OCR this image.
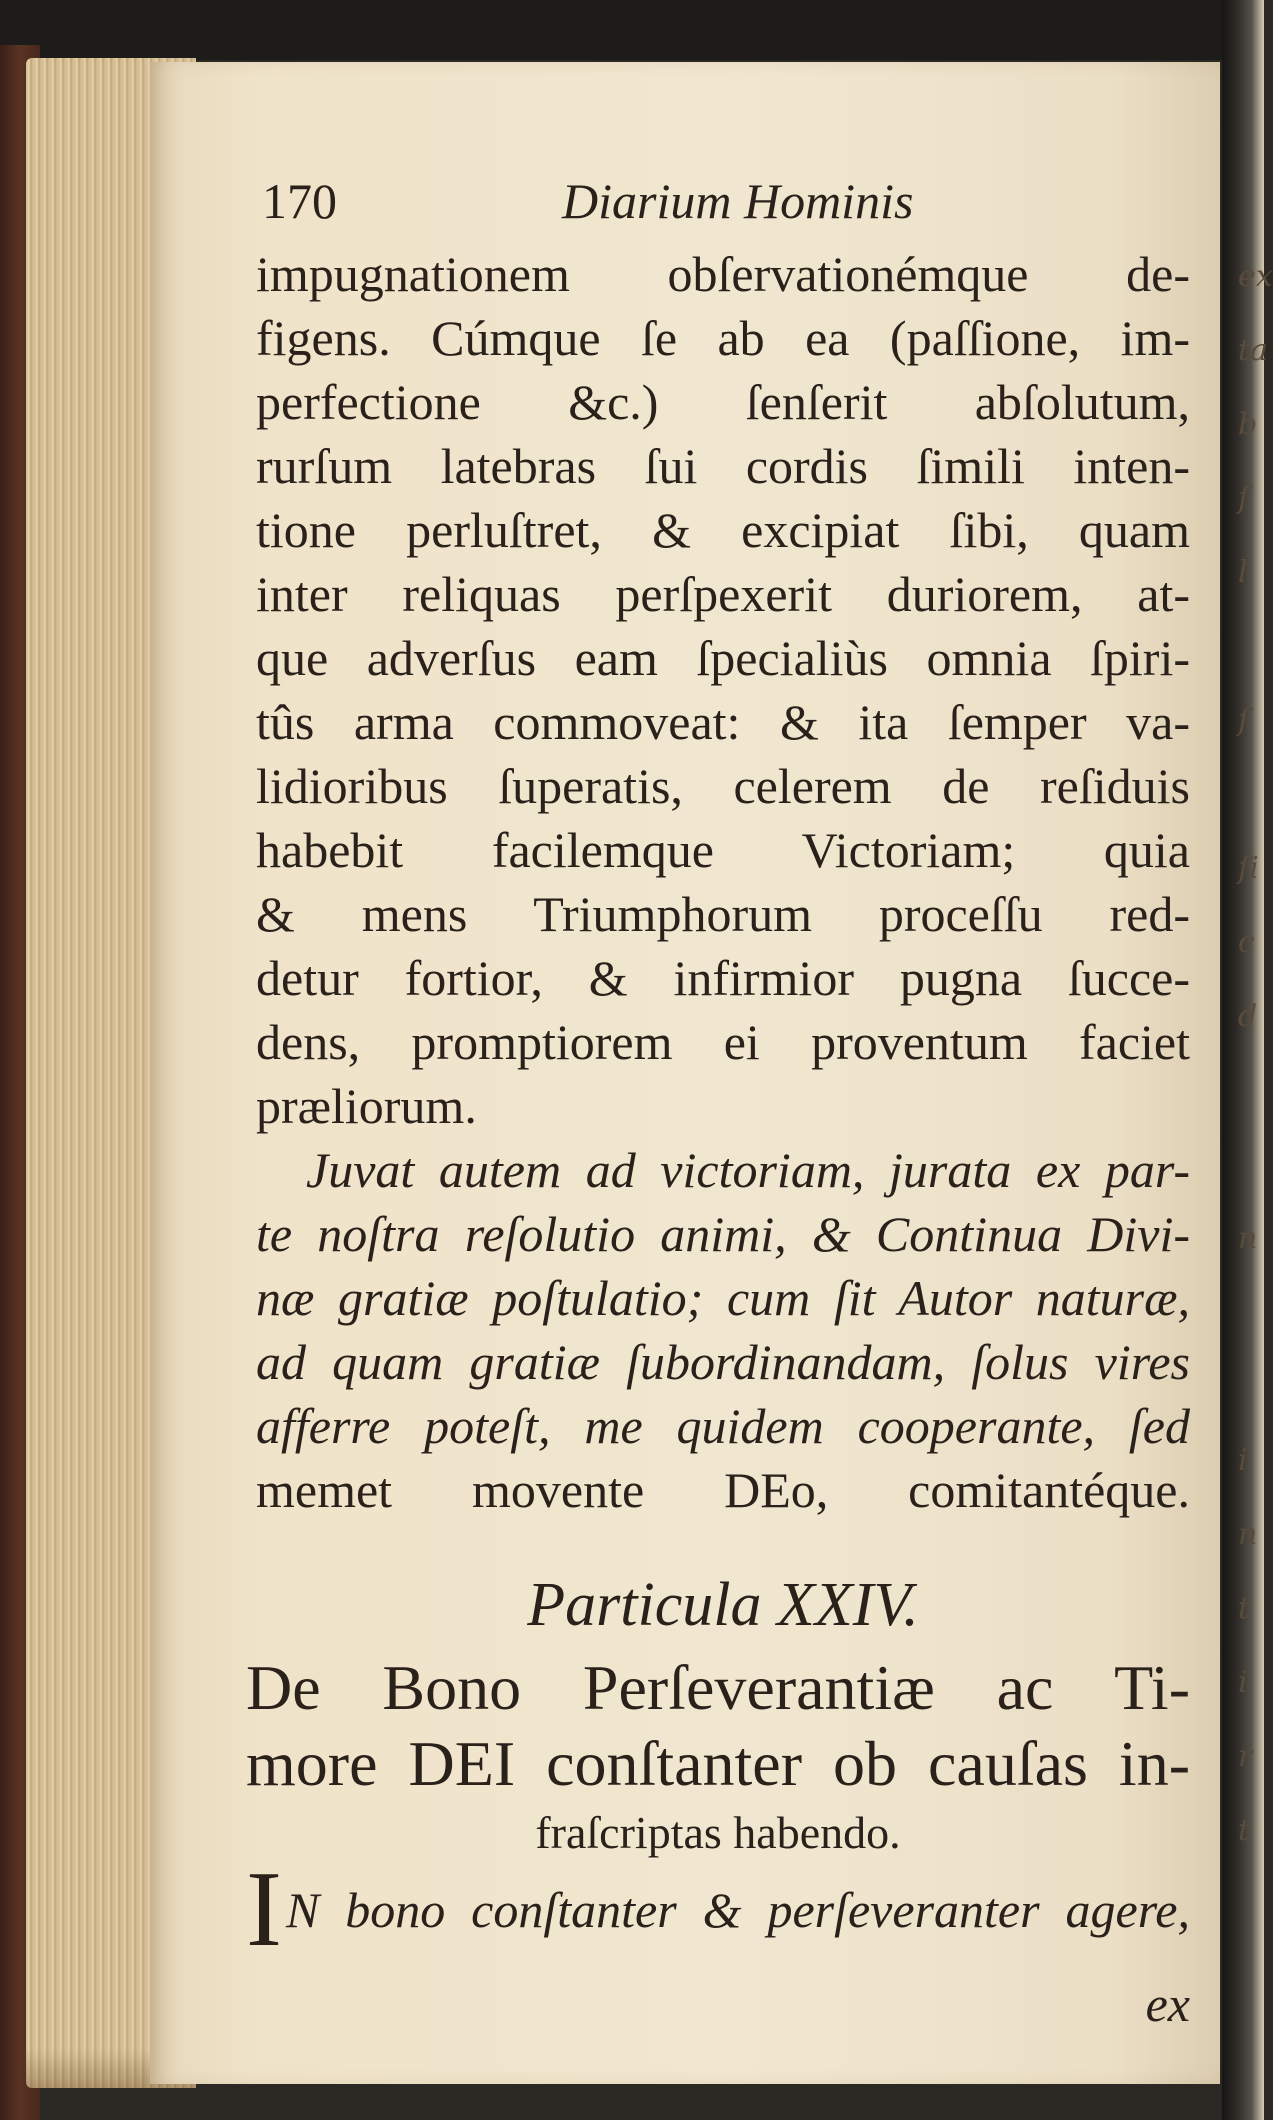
ex
ta
b
ſ
l

ſ

ſi
c
d

n

i
n
t
i
r
t
170	Diarium Hominis
impugnationem obſervationémque de-
figens. Cúmque ſe ab ea (paſſione, im-
perfectione &c.) ſenſerit abſolutum,
rurſum latebras ſui cordis ſimili inten-
tione perluſtret, & excipiat ſibi, quam
inter reliquas perſpexerit duriorem, at-
que adverſus eam ſpecialiùs omnia ſpiri-
tûs arma commoveat: & ita ſemper va-
lidioribus ſuperatis, celerem de reſiduis
habebit facilemque Victoriam; quia
& mens Triumphorum proceſſu red-
detur fortior, & infirmior pugna ſucce-
dens, promptiorem ei proventum faciet
præliorum.
Juvat autem ad victoriam, jurata ex par-
te noſtra reſolutio animi, & Continua Divi-
næ gratiæ poſtulatio; cum ſit Autor naturæ,
ad quam gratiæ ſubordinandam, ſolus vires
afferre poteſt, me quidem cooperante, ſed
memet movente DEo, comitantéque.
Particula XXIV.
De Bono Perſeverantiæ ac Ti-
more DEI conſtanter ob cauſas in-
fraſcriptas habendo.
IN bono conſtanter & perſeveranter agere,
ex
